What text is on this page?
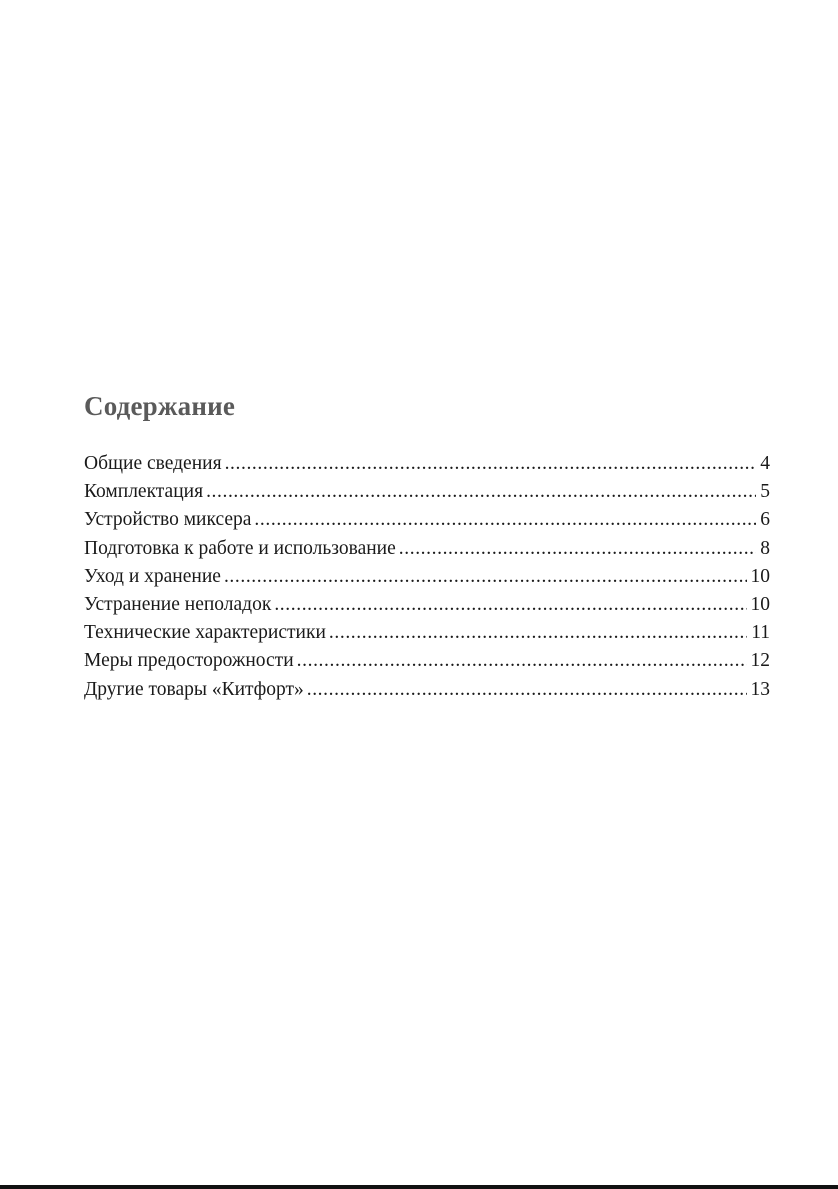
Содержание
Общие сведения .....	4
Комплектация .....	5
Устройство миксера .....	6
Подготовка к работе и использование .....	8
Уход и хранение .....	10
Устранение неполадок .....	10
Технические характеристики .....	11
Меры предосторожности .....	12
Другие товары «Китфорт» .....	13
